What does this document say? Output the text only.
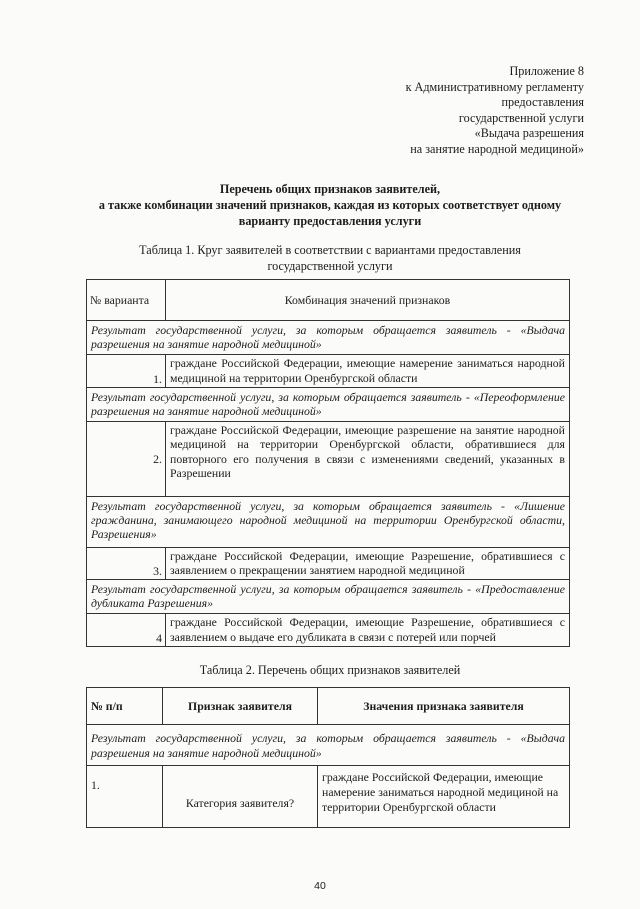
Приложение 8
к Административному регламенту
предоставления
государственной услуги
«Выдача разрешения
на занятие народной медициной»
Перечень общих признаков заявителей,
а также комбинации значений признаков, каждая из которых соответствует одному
варианту предоставления услуги
Таблица 1. Круг заявителей в соответствии с вариантами предоставления
государственной услуги
№ варианта	Комбинация значений признаков
Результат государственной услуги, за которым обращается заявитель - «Выдача разрешения на занятие народной медициной»	
1.	граждане Российской Федерации, имеющие намерение заниматься народной медициной на территории Оренбургской области
Результат государственной услуги, за которым обращается заявитель - «Переоформление разрешения на занятие народной медициной»	
2.	граждане Российской Федерации, имеющие разрешение на занятие народной медициной на территории Оренбургской области, обратившиеся для повторного его получения в связи с изменениями сведений, указанных в Разрешении
Результат государственной услуги, за которым обращается заявитель - «Лишение гражданина, занимающего народной медициной на территории Оренбургской области, Разрешения»	
3.	граждане Российской Федерации, имеющие Разрешение, обратившиеся с заявлением о прекращении занятием народной медициной
Результат государственной услуги, за которым обращается заявитель - «Предоставление дубликата Разрешения»	
4	граждане Российской Федерации, имеющие Разрешение, обратившиеся с заявлением о выдаче его дубликата в связи с потерей или порчей
Таблица 2. Перечень общих признаков заявителей
№ п/п	Признак заявителя	Значения признака заявителя
Результат государственной услуги, за которым обращается заявитель - «Выдача разрешения на занятие народной медициной»		
1.	Категория заявителя?	граждане Российской Федерации, имеющие намерение заниматься народной медициной на территории Оренбургской области
40
